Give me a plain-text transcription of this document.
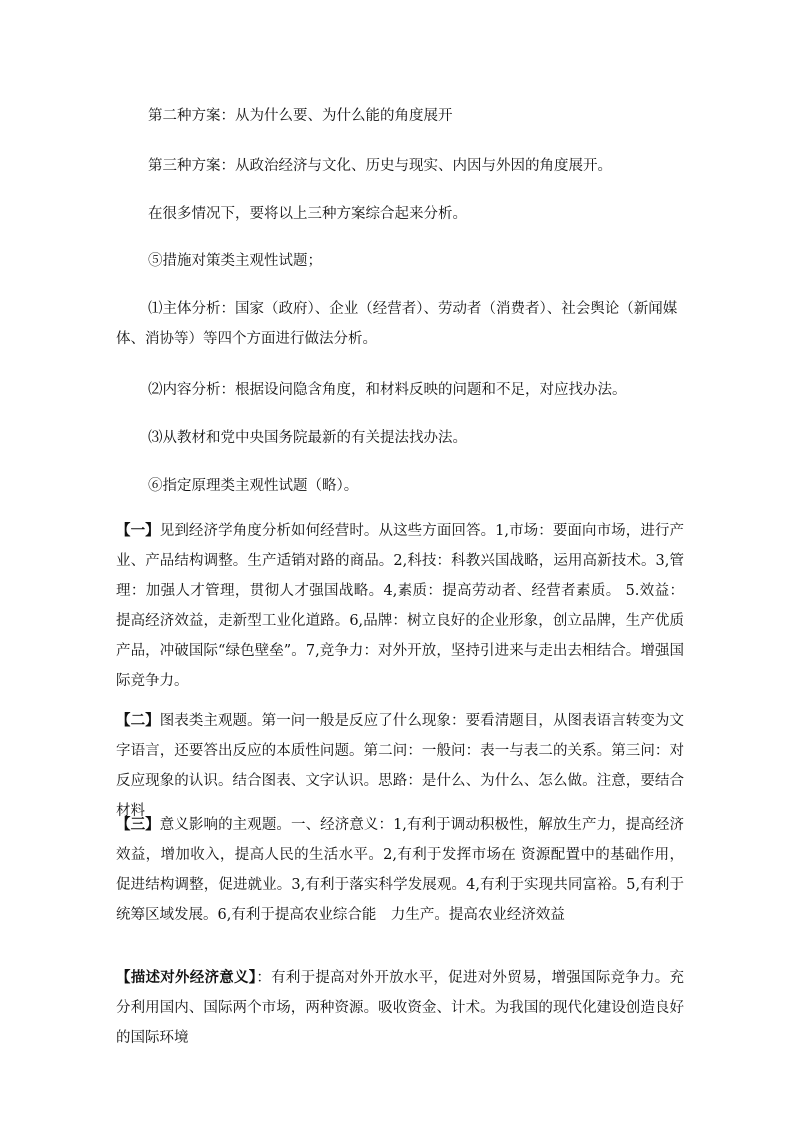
第二种方案：从为什么要、为什么能的角度展开
第三种方案：从政治经济与文化、历史与现实、内因与外因的角度展开。
在很多情况下，要将以上三种方案综合起来分析。
⑤措施对策类主观性试题；
⑴主体分析：国家（政府）、企业（经营者）、劳动者（消费者）、社会舆论（新闻媒体、消协等）等四个方面进行做法分析。
⑵内容分析：根据设问隐含角度，和材料反映的问题和不足，对应找办法。
⑶从教材和党中央国务院最新的有关提法找办法。
⑥指定原理类主观性试题（略）。
【一】见到经济学角度分析如何经营时。从这些方面回答。1,市场：要面向市场，进行产业、产品结构调整。生产适销对路的商品。2,科技：科教兴国战略，运用高新技术。3,管理：加强人才管理，贯彻人才强国战略。4,素质：提高劳动者、经营者素质。 5.效益：提高经济效益，走新型工业化道路。6,品牌：树立良好的企业形象，创立品牌，生产优质产品，冲破国际“绿色壁垒”。7,竞争力：对外开放，坚持引进来与走出去相结合。增强国际竞争力。
【二】图表类主观题。第一问一般是反应了什么现象：要看清题目，从图表语言转变为文字语言，还要答出反应的本质性问题。第二问：一般问：表一与表二的关系。第三问：对反应现象的认识。结合图表、文字认识。思路：是什么、为什么、怎么做。注意，要结合材料
【三】意义影响的主观题。一、经济意义：1,有利于调动积极性，解放生产力，提高经济效益，增加收入，提高人民的生活水平。2,有利于发挥市场在 资源配置中的基础作用，促进结构调整，促进就业。3,有利于落实科学发展观。4,有利于实现共同富裕。5,有利于统筹区域发展。6,有利于提高农业综合能　力生产。提高农业经济效益
【描述对外经济意义】：有利于提高对外开放水平，促进对外贸易，增强国际竞争力。充分利用国内、国际两个市场，两种资源。吸收资金、计术。为我国的现代化建设创造良好的国际环境
